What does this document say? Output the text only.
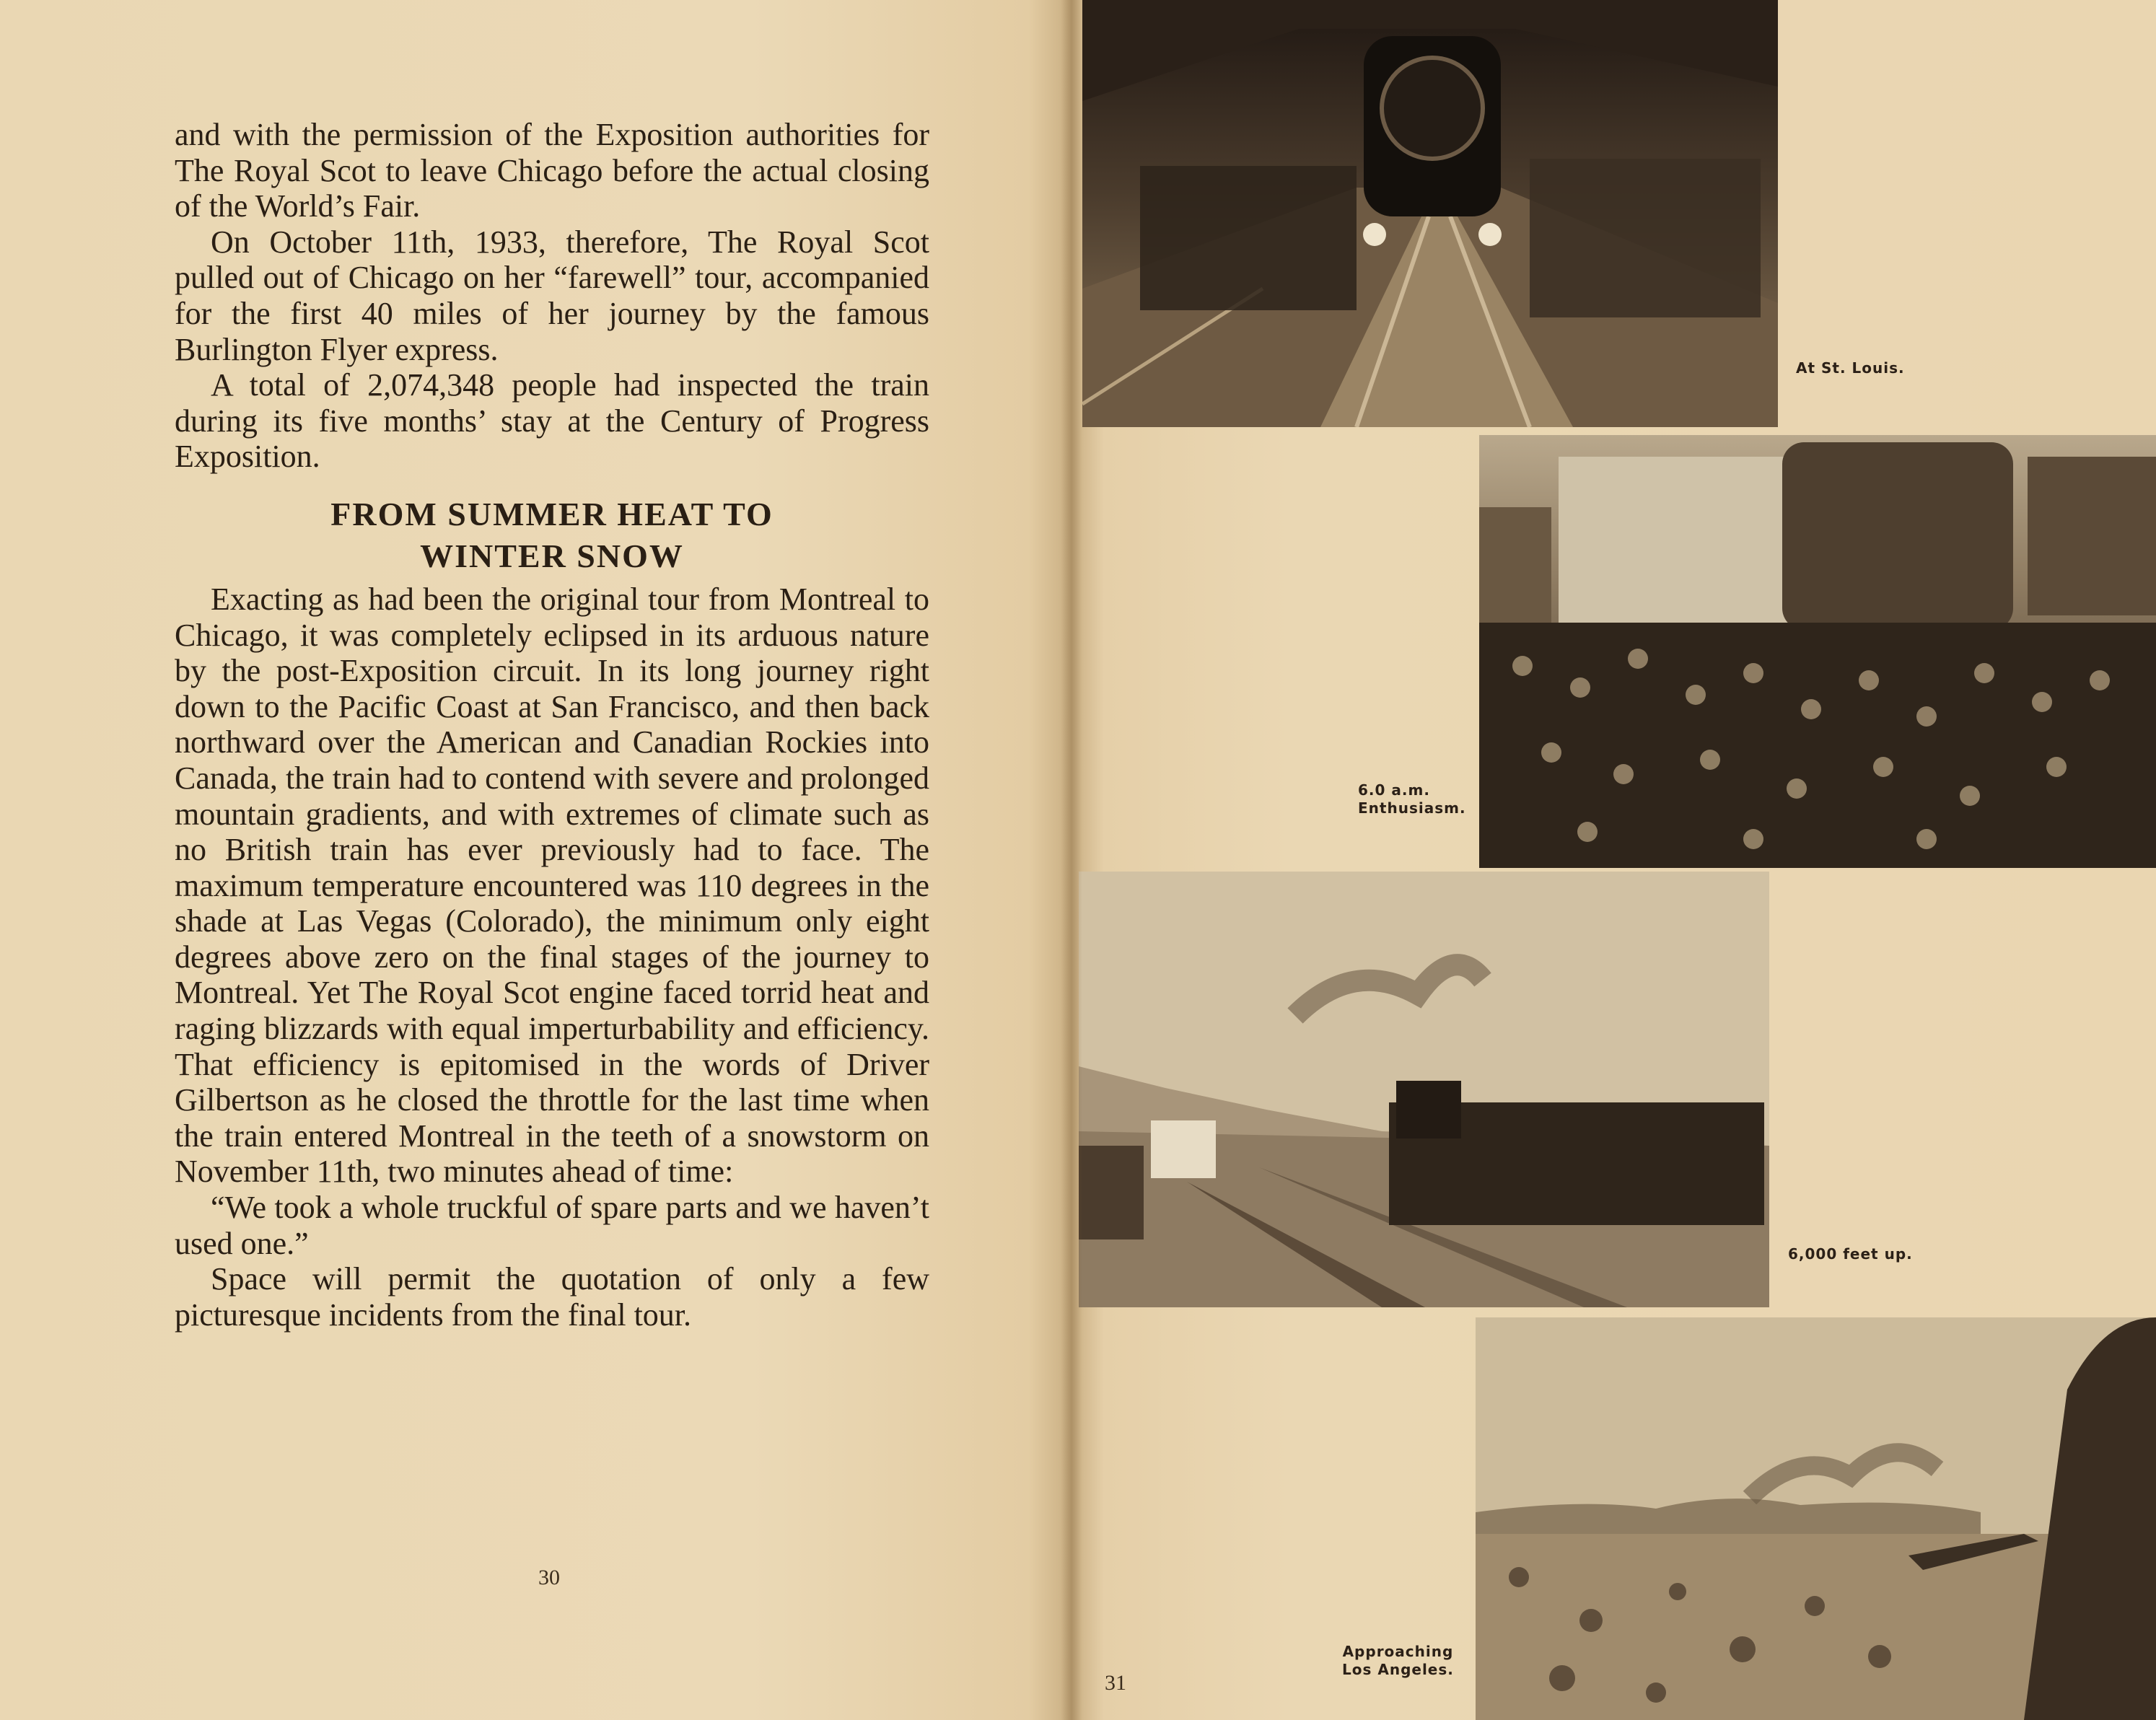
and with the permission of the Exposition authorities for The Royal Scot to leave Chicago before the actual closing of the World’s Fair.

On October 11th, 1933, therefore, The Royal Scot pulled out of Chicago on her “farewell” tour, accompanied for the first 40 miles of her journey by the famous Burlington Flyer express.

A total of 2,074,348 people had inspected the train during its five months’ stay at the Century of Progress Exposition.

FROM SUMMER HEAT TO
WINTER SNOW

Exacting as had been the original tour from Montreal to Chicago, it was completely eclipsed in its arduous nature by the post-Exposition circuit. In its long journey right down to the Pacific Coast at San Francisco, and then back northward over the American and Canadian Rockies into Canada, the train had to contend with severe and prolonged mountain gradients, and with extremes of climate such as no British train has ever previously had to face. The maximum temperature encountered was 110 degrees in the shade at Las Vegas (Colorado), the minimum only eight degrees above zero on the final stages of the journey to Montreal. Yet The Royal Scot engine faced torrid heat and raging blizzards with equal imperturbability and efficiency. That efficiency is epitomised in the words of Driver Gilbertson as he closed the throttle for the last time when the train entered Montreal in the teeth of a snowstorm on November 11th, two minutes ahead of time:

“We took a whole truckful of spare parts and we haven’t used one.”

Space will permit the quotation of only a few picturesque incidents from the final tour.

30
At St. Louis.
6.0 a.m.
Enthusiasm.
6,000 feet up.
Approaching
Los Angeles.
31
